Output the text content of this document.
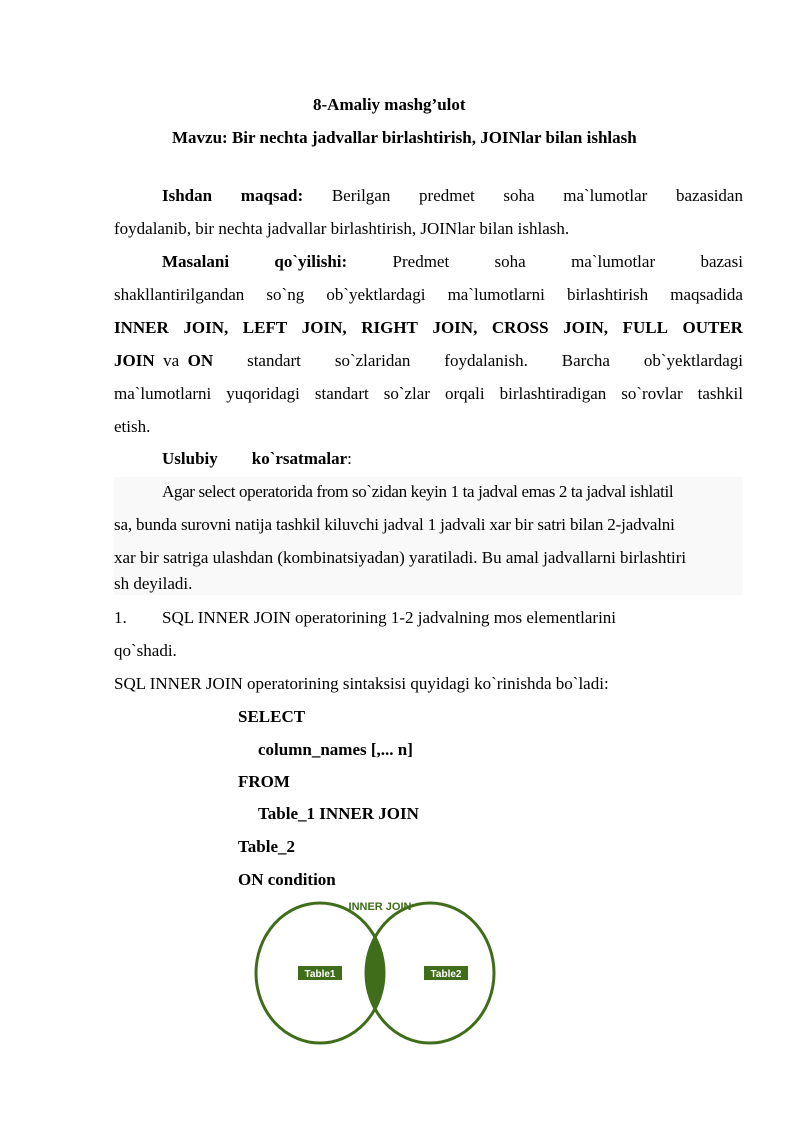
8-Amaliy mashg’ulot
Mavzu: Bir nechta jadvallar birlashtirish, JOINlar bilan ishlash
Ishdan maqsad: Berilgan predmet soha ma`lumotlar bazasidan
foydalanib, bir nechta jadvallar birlashtirish, JOINlar bilan ishlash.
Masalani	qo`yilishi:	Predmet	soha	ma`lumotlar	bazasi
shakllantirilgandan so`ng ob`yektlardagi ma`lumotlarni birlashtirish maqsadida
INNER JOIN, LEFT JOIN, RIGHT JOIN, CROSS JOIN, FULL OUTER
JOIN va ON standart so`zlaridan foydalanish. Barcha ob`yektlardagi
ma`lumotlarni yuqoridagi standart so`zlar orqali birlashtiradigan so`rovlar tashkil
etish.
Uslubiy ko`rsatmalar:
Agar select operatorida from so`zidan keyin 1 ta jadval emas 2 ta jadval ishlatil
sa, bunda surovni natija tashkil kiluvchi jadval 1 jadvali xar bir satri bilan 2-jadvalni
xar bir satriga ulashdan (kombinatsiyadan) yaratiladi. Bu amal jadvallarni birlashtiri
sh deyiladi.
1. SQL INNER JOIN operatorining 1-2 jadvalning mos elementlarini
qo`shadi.
SQL INNER JOIN operatorining sintaksisi quyidagi ko`rinishda bo`ladi:
SELECT
column_names [,... n]
FROM
Table_1 INNER JOIN
Table_2
ON condition
INNER JOIN
Table1	Table2
